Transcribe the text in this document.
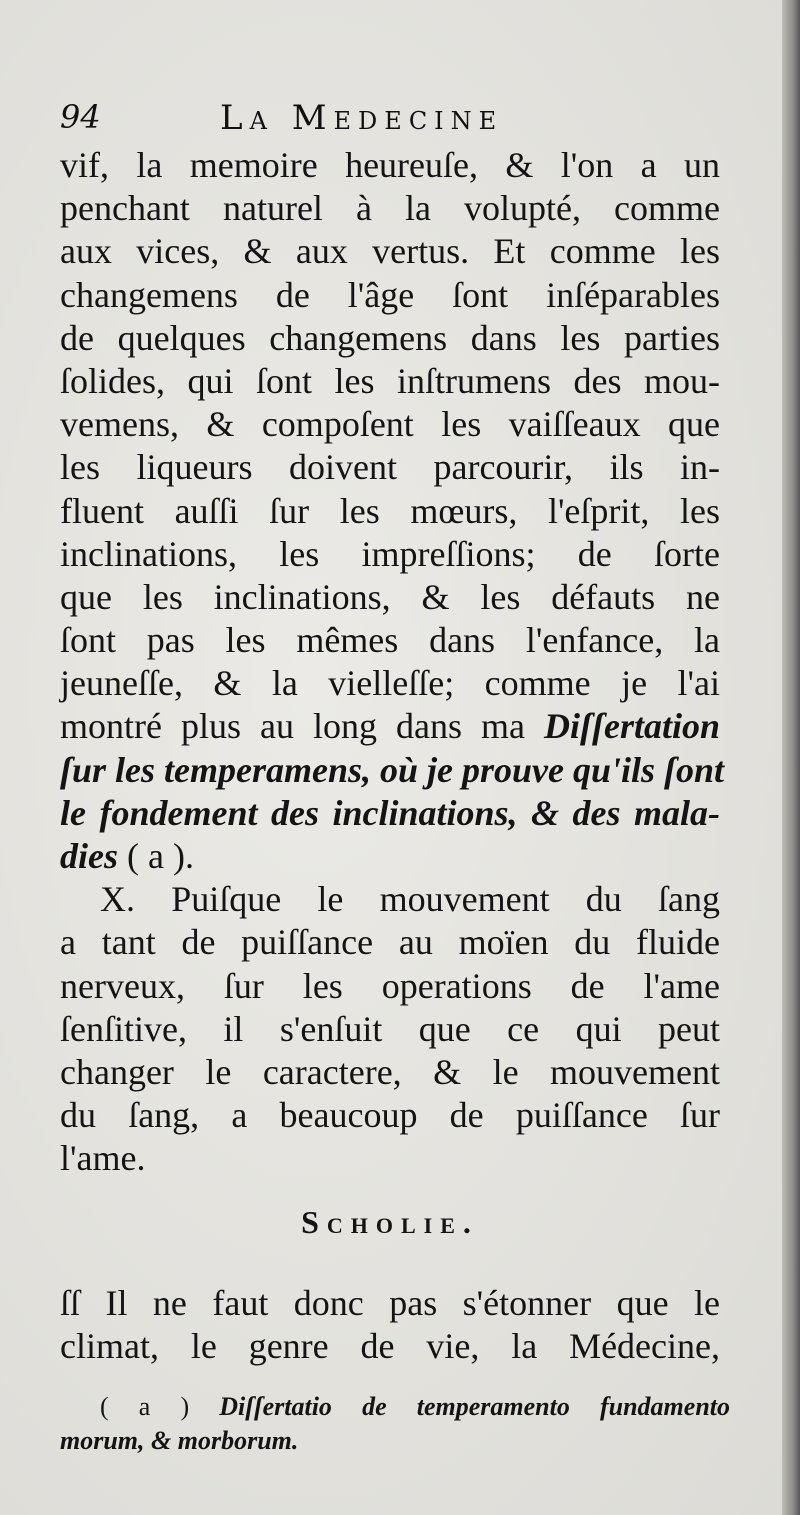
94	La Medecine
vif, la memoire heureuſe, & l'on a un
penchant naturel à la volupté, comme
aux vices, & aux vertus. Et comme les
changemens de l'âge ſont inſéparables
de quelques changemens dans les parties
ſolides, qui ſont les inſtrumens des mou-
vemens, & compoſent les vaiſſeaux que
les liqueurs doivent parcourir, ils in-
fluent auſſi ſur les mœurs, l'eſprit, les
inclinations, les impreſſions; de ſorte
que les inclinations, & les défauts ne
ſont pas les mêmes dans l'enfance, la
jeuneſſe, & la vielleſſe; comme je l'ai
montré plus au long dans ma Diſſertation
ſur les temperamens, où je prouve qu'ils ſont
le fondement des inclinations, & des mala-
dies ( a ).
X. Puiſque le mouvement du ſang
a tant de puiſſance au moïen du fluide
nerveux, ſur les operations de l'ame
ſenſitive, il s'enſuit que ce qui peut
changer le caractere, & le mouvement
du ſang, a beaucoup de puiſſance ſur
l'ame.
Scholie.
ſſ Il ne faut donc pas s'étonner que le
climat, le genre de vie, la Médecine,
( a ) Diſſertatio de temperamento fundamento
morum, & morborum.
